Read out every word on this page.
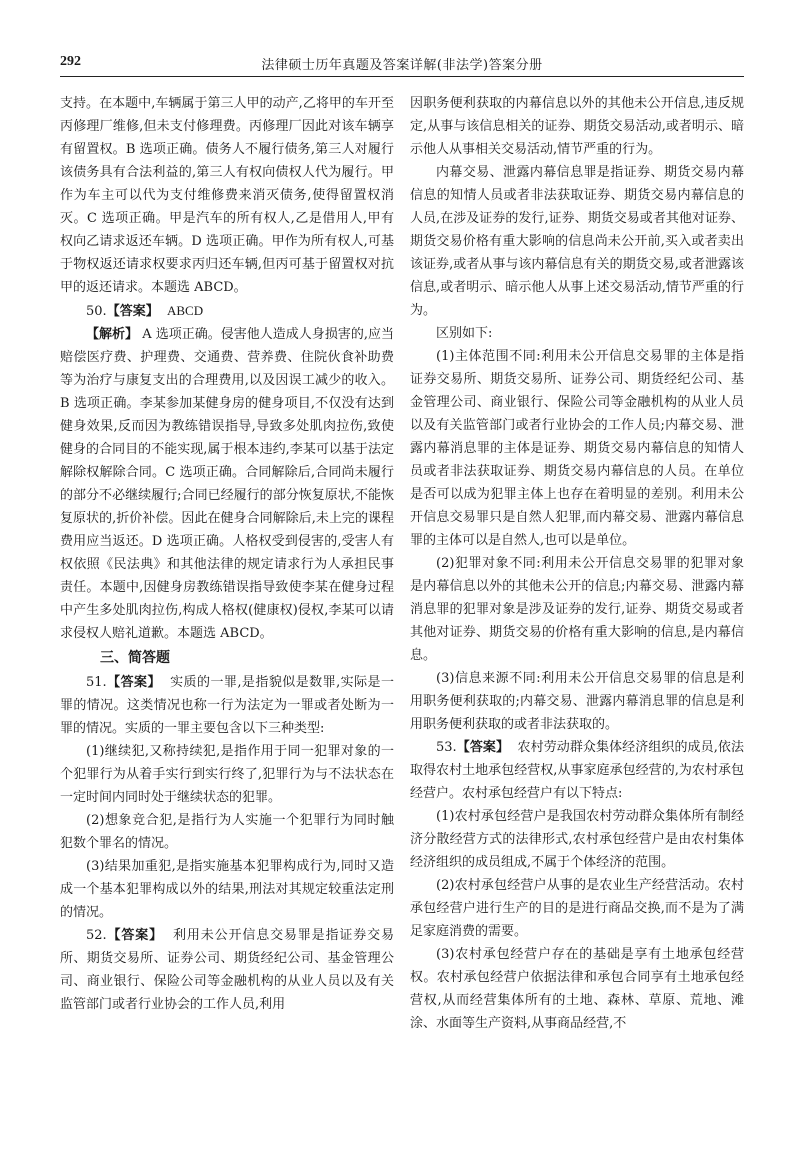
292	法律硕士历年真题及答案详解(非法学)答案分册

支持。在本题中,车辆属于第三人甲的动产,乙将甲的车开至丙修理厂维修,但未支付修理费。丙修理厂因此对该车辆享有留置权。B 选项正确。债务人不履行债务,第三人对履行该债务具有合法利益的,第三人有权向债权人代为履行。甲作为车主可以代为支付维修费来消灭债务,使得留置权消灭。C 选项正确。甲是汽车的所有权人,乙是借用人,甲有权向乙请求返还车辆。D 选项正确。甲作为所有权人,可基于物权返还请求权要求丙归还车辆,但丙可基于留置权对抗甲的返还请求。本题选 ABCD。

50.【答案】 ABCD

【解析】 A 选项正确。侵害他人造成人身损害的,应当赔偿医疗费、护理费、交通费、营养费、住院伙食补助费等为治疗与康复支出的合理费用,以及因误工减少的收入。B 选项正确。李某参加某健身房的健身项目,不仅没有达到健身效果,反而因为教练错误指导,导致多处肌肉拉伤,致使健身的合同目的不能实现,属于根本违约,李某可以基于法定解除权解除合同。C 选项正确。合同解除后,合同尚未履行的部分不必继续履行;合同已经履行的部分恢复原状,不能恢复原状的,折价补偿。因此在健身合同解除后,未上完的课程费用应当返还。D 选项正确。人格权受到侵害的,受害人有权依照《民法典》和其他法律的规定请求行为人承担民事责任。本题中,因健身房教练错误指导致使李某在健身过程中产生多处肌肉拉伤,构成人格权(健康权)侵权,李某可以请求侵权人赔礼道歉。本题选 ABCD。

三、简答题

51.【答案】 实质的一罪,是指貌似是数罪,实际是一罪的情况。这类情况也称一行为法定为一罪或者处断为一罪的情况。实质的一罪主要包含以下三种类型:

(1)继续犯,又称持续犯,是指作用于同一犯罪对象的一个犯罪行为从着手实行到实行终了,犯罪行为与不法状态在一定时间内同时处于继续状态的犯罪。

(2)想象竞合犯,是指行为人实施一个犯罪行为同时触犯数个罪名的情况。

(3)结果加重犯,是指实施基本犯罪构成行为,同时又造成一个基本犯罪构成以外的结果,刑法对其规定较重法定刑的情况。

52.【答案】 利用未公开信息交易罪是指证券交易所、期货交易所、证券公司、期货经纪公司、基金管理公司、商业银行、保险公司等金融机构的从业人员以及有关监管部门或者行业协会的工作人员,利用

因职务便利获取的内幕信息以外的其他未公开信息,违反规定,从事与该信息相关的证券、期货交易活动,或者明示、暗示他人从事相关交易活动,情节严重的行为。

内幕交易、泄露内幕信息罪是指证券、期货交易内幕信息的知情人员或者非法获取证券、期货交易内幕信息的人员,在涉及证券的发行,证券、期货交易或者其他对证券、期货交易价格有重大影响的信息尚未公开前,买入或者卖出该证券,或者从事与该内幕信息有关的期货交易,或者泄露该信息,或者明示、暗示他人从事上述交易活动,情节严重的行为。

区别如下:

(1)主体范围不同:利用未公开信息交易罪的主体是指证券交易所、期货交易所、证券公司、期货经纪公司、基金管理公司、商业银行、保险公司等金融机构的从业人员以及有关监管部门或者行业协会的工作人员;内幕交易、泄露内幕消息罪的主体是证券、期货交易内幕信息的知情人员或者非法获取证券、期货交易内幕信息的人员。在单位是否可以成为犯罪主体上也存在着明显的差别。利用未公开信息交易罪只是自然人犯罪,而内幕交易、泄露内幕信息罪的主体可以是自然人,也可以是单位。

(2)犯罪对象不同:利用未公开信息交易罪的犯罪对象是内幕信息以外的其他未公开的信息;内幕交易、泄露内幕消息罪的犯罪对象是涉及证券的发行,证券、期货交易或者其他对证券、期货交易的价格有重大影响的信息,是内幕信息。

(3)信息来源不同:利用未公开信息交易罪的信息是利用职务便利获取的;内幕交易、泄露内幕消息罪的信息是利用职务便利获取的或者非法获取的。

53.【答案】 农村劳动群众集体经济组织的成员,依法取得农村土地承包经营权,从事家庭承包经营的,为农村承包经营户。农村承包经营户有以下特点:

(1)农村承包经营户是我国农村劳动群众集体所有制经济分散经营方式的法律形式,农村承包经营户是由农村集体经济组织的成员组成,不属于个体经济的范围。

(2)农村承包经营户从事的是农业生产经营活动。农村承包经营户进行生产的目的是进行商品交换,而不是为了满足家庭消费的需要。

(3)农村承包经营户存在的基础是享有土地承包经营权。农村承包经营户依据法律和承包合同享有土地承包经营权,从而经营集体所有的土地、森林、草原、荒地、滩涂、水面等生产资料,从事商品经营,不
